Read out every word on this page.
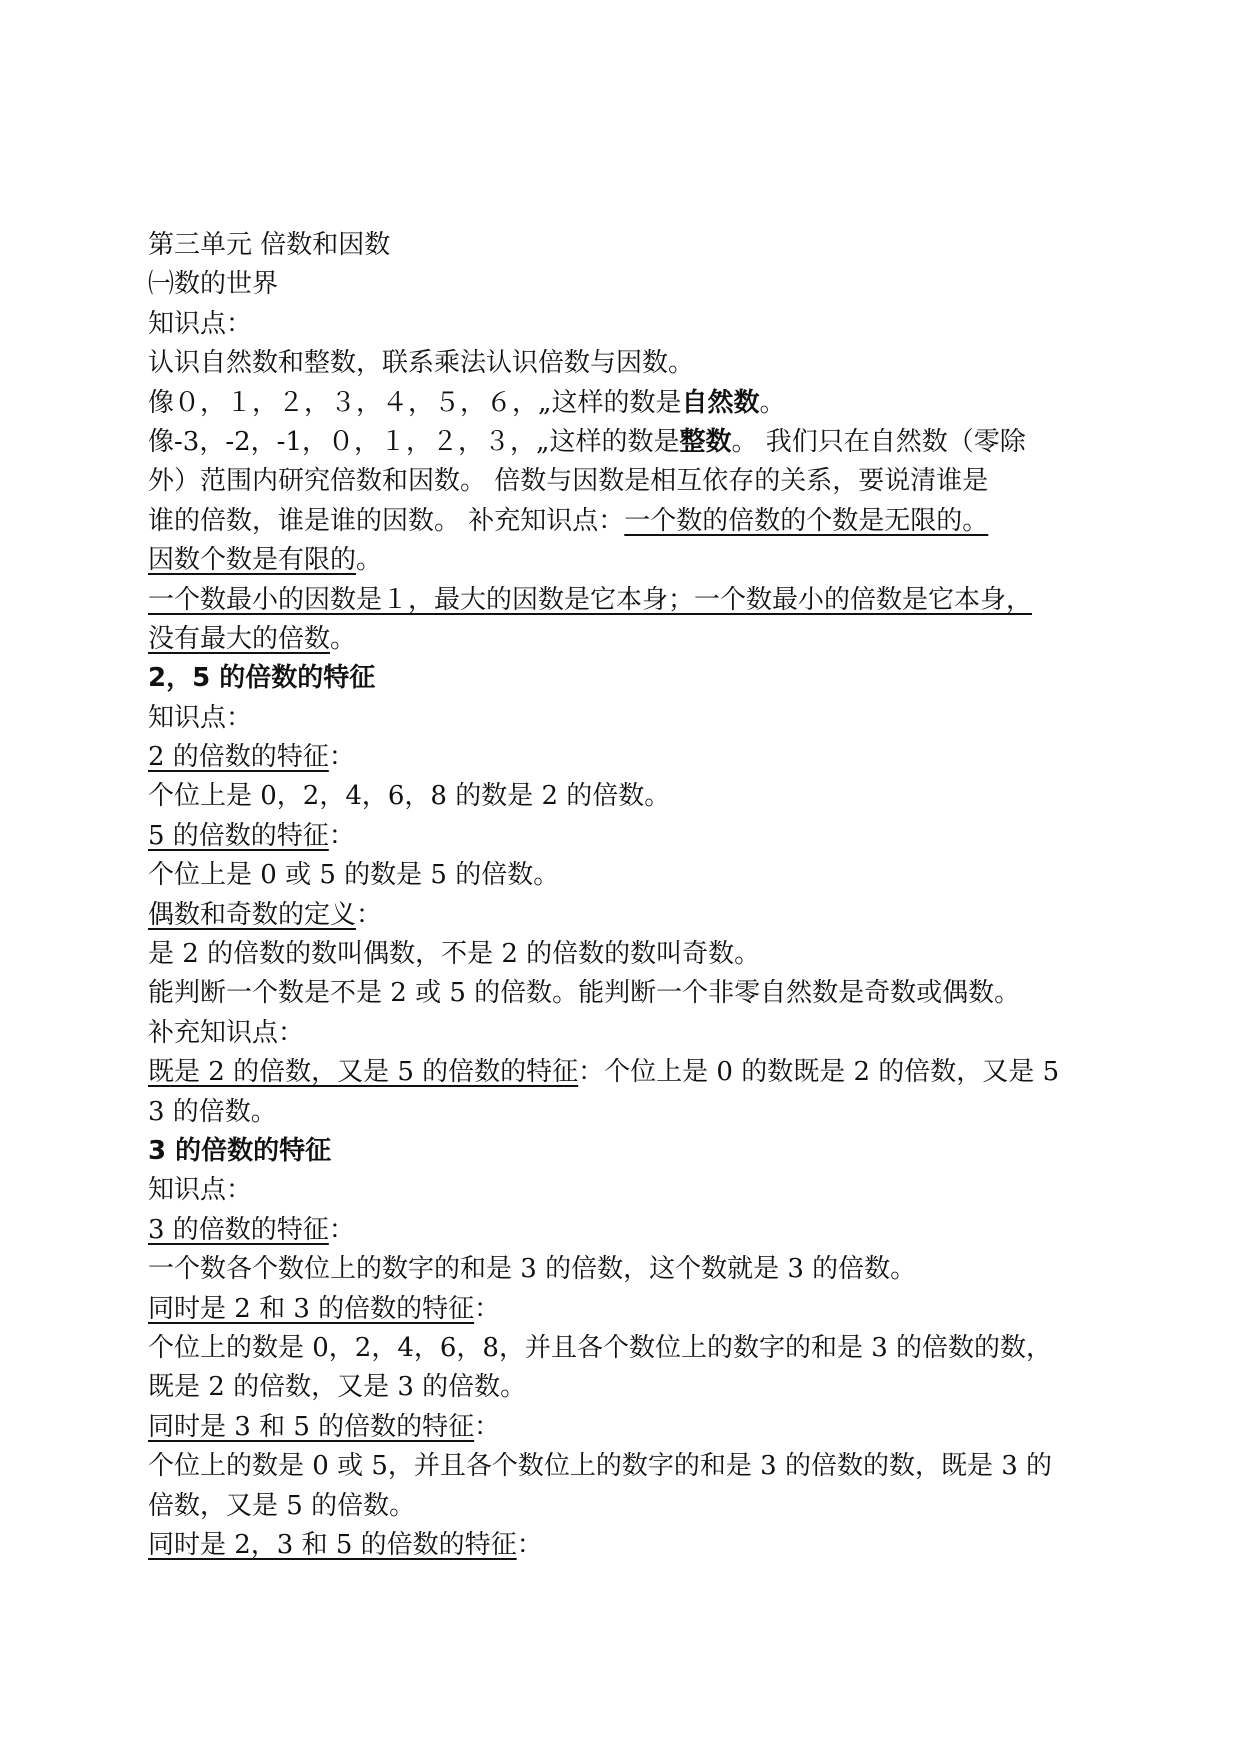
第三单元 倍数和因数
㈠数的世界
知识点：
认识自然数和整数，联系乘法认识倍数与因数。
像０，１，２，３，４，５，６，„这样的数是自然数。
像-3，-2，-1，０，１，２，３，„这样的数是整数。 我们只在自然数（零除
外）范围内研究倍数和因数。 倍数与因数是相互依存的关系，要说清谁是
谁的倍数，谁是谁的因数。 补充知识点：一个数的倍数的个数是无限的。
因数个数是有限的。
一个数最小的因数是１，最大的因数是它本身；一个数最小的倍数是它本身，
没有最大的倍数。
2，5 的倍数的特征
知识点：
2 的倍数的特征：
个位上是 0，2，4，6，8 的数是 2 的倍数。
5 的倍数的特征：
个位上是 0 或 5 的数是 5 的倍数。
偶数和奇数的定义：
是 2 的倍数的数叫偶数，不是 2 的倍数的数叫奇数。
能判断一个数是不是 2 或 5 的倍数。能判断一个非零自然数是奇数或偶数。
补充知识点：
既是 2 的倍数，又是 5 的倍数的特征：个位上是 0 的数既是 2 的倍数，又是 5
3 的倍数。
3 的倍数的特征
知识点：
3 的倍数的特征：
一个数各个数位上的数字的和是 3 的倍数，这个数就是 3 的倍数。
同时是 2 和 3 的倍数的特征：
个位上的数是 0，2，4，6，8，并且各个数位上的数字的和是 3 的倍数的数，
既是 2 的倍数，又是 3 的倍数。
同时是 3 和 5 的倍数的特征：
个位上的数是 0 或 5，并且各个数位上的数字的和是 3 的倍数的数，既是 3 的
倍数，又是 5 的倍数。
同时是 2，3 和 5 的倍数的特征：
